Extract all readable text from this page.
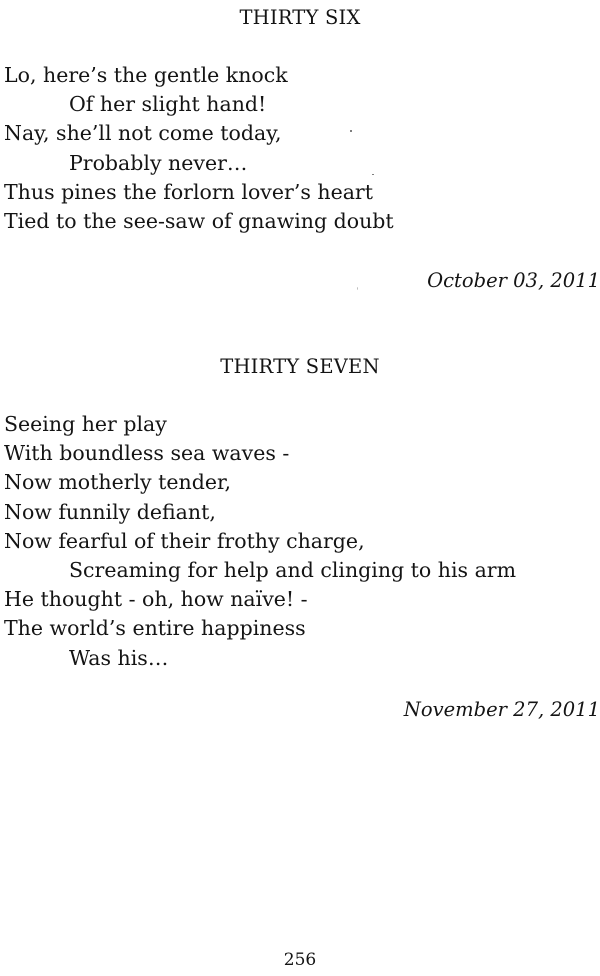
THIRTY SIX
Lo, here’s the gentle knock
Of her slight hand!
Nay, she’ll not come today,
Probably never…
Thus pines the forlorn lover’s heart
Tied to the see-saw of gnawing doubt
October 03, 2011
THIRTY SEVEN
Seeing her play
With boundless sea waves -
Now motherly tender,
Now funnily defiant,
Now fearful of their frothy charge,
Screaming for help and clinging to his arm
He thought - oh, how naïve! -
The world’s entire happiness
Was his…
November 27, 2011
256
